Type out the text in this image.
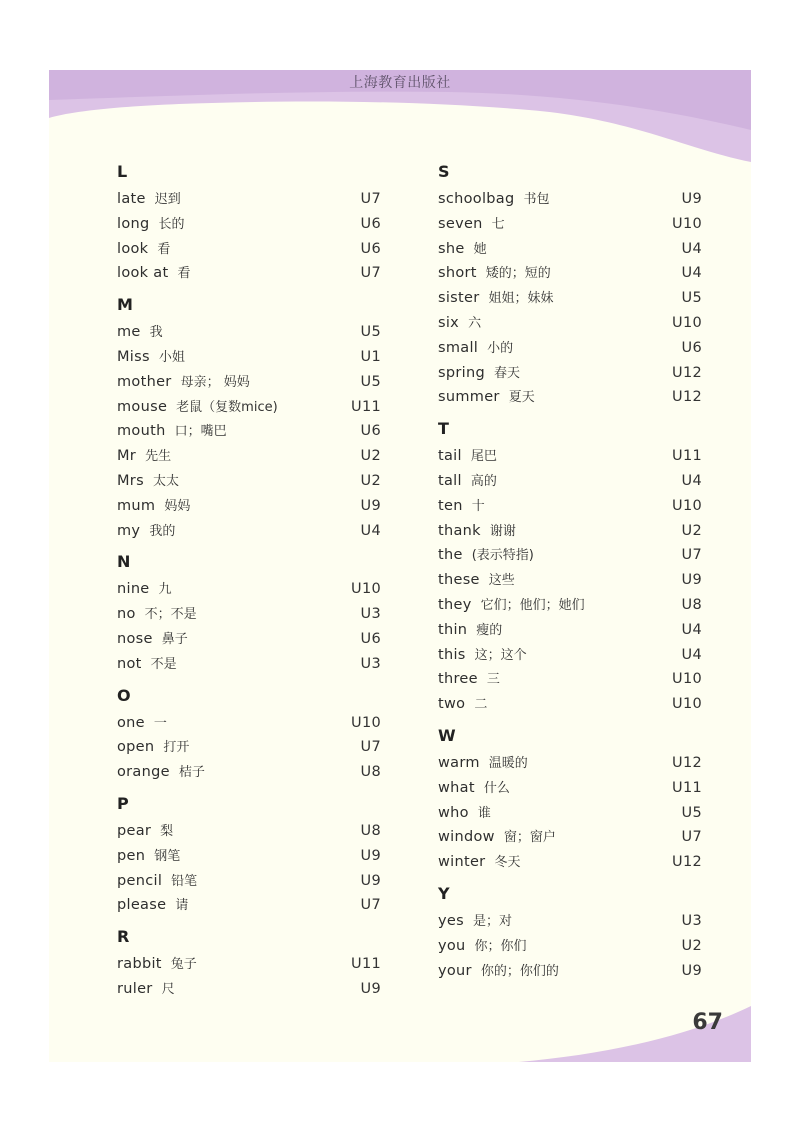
上海教育出版社
L
late 迟到	U7
long 长的	U6
look 看	U6
look at 看	U7
M
me 我	U5
Miss 小姐	U1
mother 母亲； 妈妈	U5
mouse 老鼠（复数mice)	U11
mouth 口；嘴巴	U6
Mr 先生	U2
Mrs 太太	U2
mum 妈妈	U9
my 我的	U4
N
nine 九	U10
no 不；不是	U3
nose 鼻子	U6
not 不是	U3
O
one 一	U10
open 打开	U7
orange 桔子	U8
P
pear 梨	U8
pen 钢笔	U9
pencil 铅笔	U9
please 请	U7
R
rabbit 兔子	U11
ruler 尺	U9
S
schoolbag 书包	U9
seven 七	U10
she 她	U4
short 矮的；短的	U4
sister 姐姐；妹妹	U5
six 六	U10
small 小的	U6
spring 春天	U12
summer 夏天	U12
T
tail 尾巴	U11
tall 高的	U4
ten 十	U10
thank 谢谢	U2
the (表示特指)	U7
these 这些	U9
they 它们；他们；她们	U8
thin 瘦的	U4
this 这；这个	U4
three 三	U10
two 二	U10
W
warm 温暖的	U12
what 什么	U11
who 谁	U5
window 窗；窗户	U7
winter 冬天	U12
Y
yes 是；对	U3
you 你；你们	U2
your 你的；你们的	U9
67
